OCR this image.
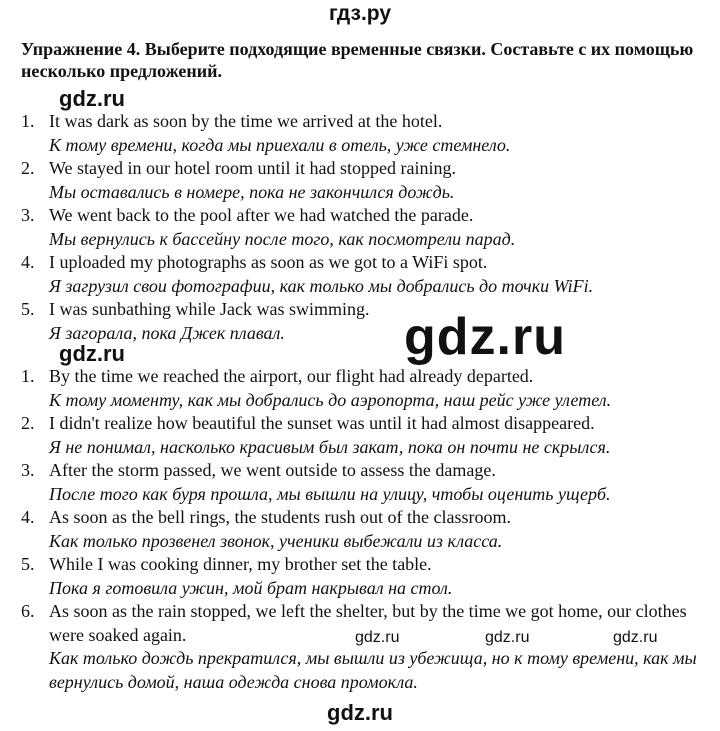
гдз.ру
Упражнение 4. Выберите подходящие временные связки. Составьте с их помощью несколько предложений.
gdz.ru
1. It was dark as soon by the time we arrived at the hotel.
К тому времени, когда мы приехали в отель, уже стемнело.
2. We stayed in our hotel room until it had stopped raining.
Мы оставались в номере, пока не закончился дождь.
3. We went back to the pool after we had watched the parade.
Мы вернулись к бассейну после того, как посмотрели парад.
4. I uploaded my photographs as soon as we got to a WiFi spot.
Я загрузил свои фотографии, как только мы добрались до точки WiFi.
5. I was sunbathing while Jack was swimming.
Я загорала, пока Джек плавал.	gdz.ru
gdz.ru
1. By the time we reached the airport, our flight had already departed.
К тому моменту, как мы добрались до аэропорта, наш рейс уже улетел.
2. I didn't realize how beautiful the sunset was until it had almost disappeared.
Я не понимал, насколько красивым был закат, пока он почти не скрылся.
3. After the storm passed, we went outside to assess the damage.
После того как буря прошла, мы вышли на улицу, чтобы оценить ущерб.
4. As soon as the bell rings, the students rush out of the classroom.
Как только прозвенел звонок, ученики выбежали из класса.
5. While I was cooking dinner, my brother set the table.
Пока я готовила ужин, мой брат накрывал на стол.
6. As soon as the rain stopped, we left the shelter, but by the time we got home, our clothes were soaked again.
Как только дождь прекратился, мы вышли из убежища, но к тому времени, как мы вернулись домой, наша одежда снова промокла.
gdz.ru	gdz.ru	gdz.ru
gdz.ru
